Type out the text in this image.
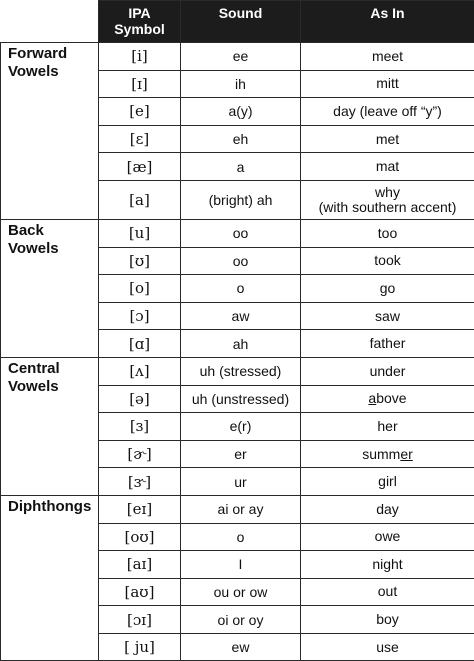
	IPA Symbol	Sound	As In
Forward Vowels	[i]	ee	meet
	[ɪ]	ih	mitt
	[e]	a(y)	day (leave off “y”)
	[ɛ]	eh	met
	[æ]	a	mat
	[a]	(bright) ah	why
(with southern accent)
Back Vowels	[u]	oo	too
	[ʊ]	oo	took
	[o]	o	go
	[ɔ]	aw	saw
	[ɑ]	ah	father
Central Vowels	[ʌ]	uh (stressed)	under
	[ə]	uh (unstressed)	above
	[ɜ]	e(r)	her
	[ɚ]	er	summer
	[ɝ]	ur	girl
Diphthongs	[eɪ]	ai or ay	day
	[oʊ]	o	owe
	[aɪ]	I	night
	[aʊ]	ou or ow	out
	[ɔɪ]	oi or oy	boy
	[ ju]	ew	use
